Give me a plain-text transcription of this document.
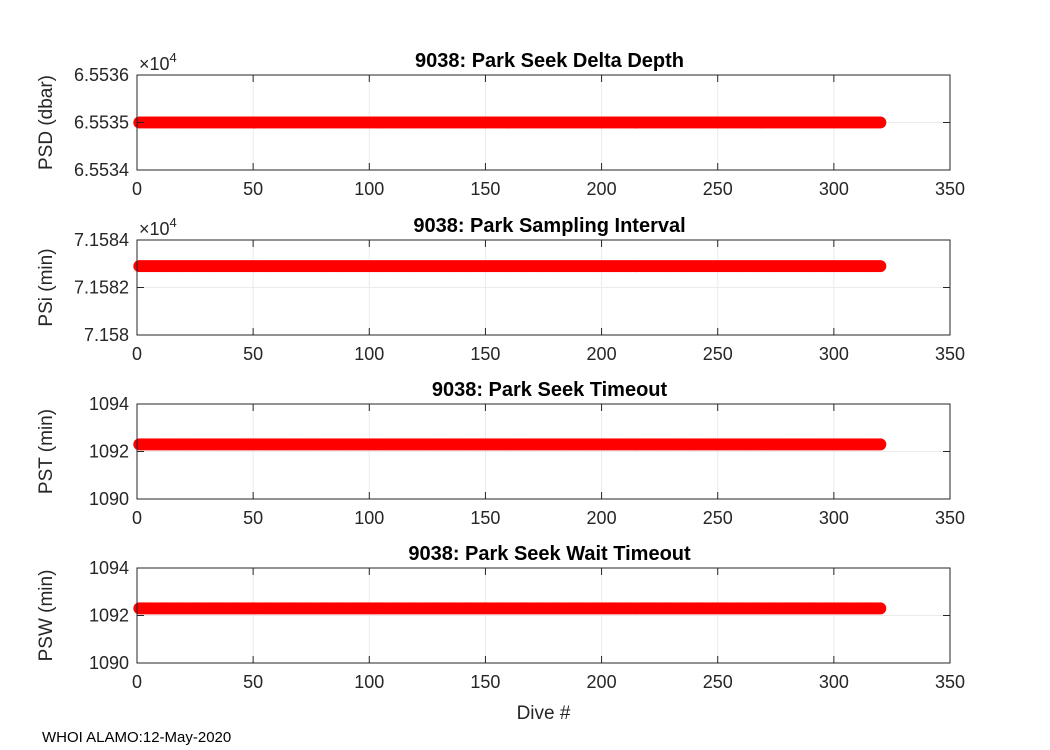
0	50	100	150	200	250	300	350
6.5534
6.5535
6.5536
$\times 10^4$	9038: Park Seek Delta Depth
PSD (dbar)
0	50	100	150	200	250	300	350
7.158
7.1582
7.1584
$\times 10^4$	9038: Park Sampling Interval
PSi (min)
0	50	100	150	200	250	300	350
1090
1092
1094
9038: Park Seek Timeout
PST (min)
0	50	100	150	200	250	300	350
1090
1092
1094
9038: Park Seek Wait Timeout
PSW (min)
Dive #
WHOI ALAMO:12-May-2020
